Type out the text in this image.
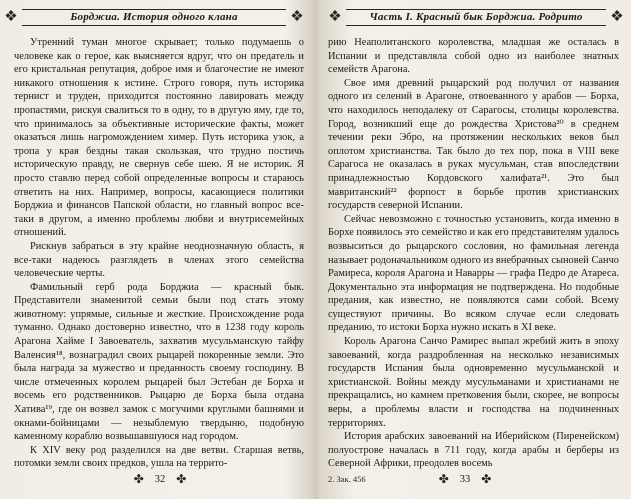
❖	Борджиа. История одного клана	❖

Утренний туман многое скрывает; только подумаешь о человеке как о герое, как выясняется вдруг, что он предатель и его кристальная репутация, доброе имя и благочестие не имеют никакого отношения к истине. Строго говоря, путь историка тернист и труден, приходится постоянно лавировать между пропастями, рискуя свалиться то в одну, то в другую яму, где то, что принималось за объективные исторические факты, может оказаться лишь нагромождением химер. Путь историка узок, а тропа у края бездны такая скользкая, что трудно постичь историческую правду, не свернув себе шею. Я не историк. Я просто ставлю перед собой определенные вопросы и стараюсь ответить на них. Например, вопросы, касающиеся политики Борджиа и финансов Папской области, но главный вопрос все-таки в другом, а именно проблемы любви и внутрисемейных отношений.

Рискнув забраться в эту крайне неоднозначную область, я все-таки надеюсь разглядеть в членах этого семейства человеческие черты.

Фамильный герб рода Борджиа — красный бык. Представители знаменитой семьи были под стать этому животному: упрямые, сильные и жесткие. Происхождение рода туманно. Однако достоверно известно, что в 1238 году король Арагона Хайме I Завоеватель, захватив мусульманскую тайфу Валенсия¹⁸, вознаградил своих рыцарей покоренные земли. Это была награда за мужество и преданность своему господину. В числе отмеченных королем рыцарей был Эстебан де Борха и восемь его родственников. Рыцарю де Борха была отдана Хатива¹⁹, где он возвел замок с могучими круглыми башнями и окнами-бойницами — незыблемую твердыню, подобную каменному кораблю возвышавшуюся над городом.

К XIV веку род разделился на две ветви. Старшая ветвь, потомки земли своих предков, ушла на террито-

✤ 32 ✤
❖	Часть I. Красный бык Борджиа. Родрито	❖

рию Неаполитанского королевства, младшая же осталась в Испании и представляла собой одно из наиболее знатных семейств Арагона.

Свое имя древний рыцарский род получил от названия одного из селений в Арагоне, отвоеванного у арабов — Борха, что находилось неподалеку от Сарагосы, столицы королевства. Город, возникший еще до рождества Христова²⁰ в среднем течении реки Эбро, на протяжении нескольких веков был оплотом христианства. Так было до тех пор, пока в VIII веке Сарагоса не оказалась в руках мусульман, став впоследствии принадлежностью Кордовского халифата²¹. Это был мавританский²² форпост в борьбе против христианских государств северной Испании.

Сейчас невозможно с точностью установить, когда именно в Борхе появилось это семейство и как его представителям удалось возвыситься до рыцарского сословия, но фамильная легенда называет родоначальником одного из внебрачных сыновей Санчо Рамиреса, короля Арагона и Наварры — графа Педро де Атареса. Документально эта информация не подтверждена. Но подобные предания, как известно, не появляются сами собой. Всему существуют причины. Во всяком случае если следовать преданию, то истоки Борха нужно искать в XI веке.

Король Арагона Санчо Рамирес выпал жребий жить в эпоху завоеваний, когда раздробленная на несколько независимых государств Испания была одновременно мусульманской и христианской. Войны между мусульманами и христианами не прекращались, но камнем претковения были, скорее, не вопросы веры, а проблемы власти и господства на подчиненных территориях.

История арабских завоеваний на Иберийском (Пиренейском) полуострове началась в 711 году, когда арабы и берберы из Северной Африки, преодолев восемь

2. Зак. 456	✤ 33 ✤
